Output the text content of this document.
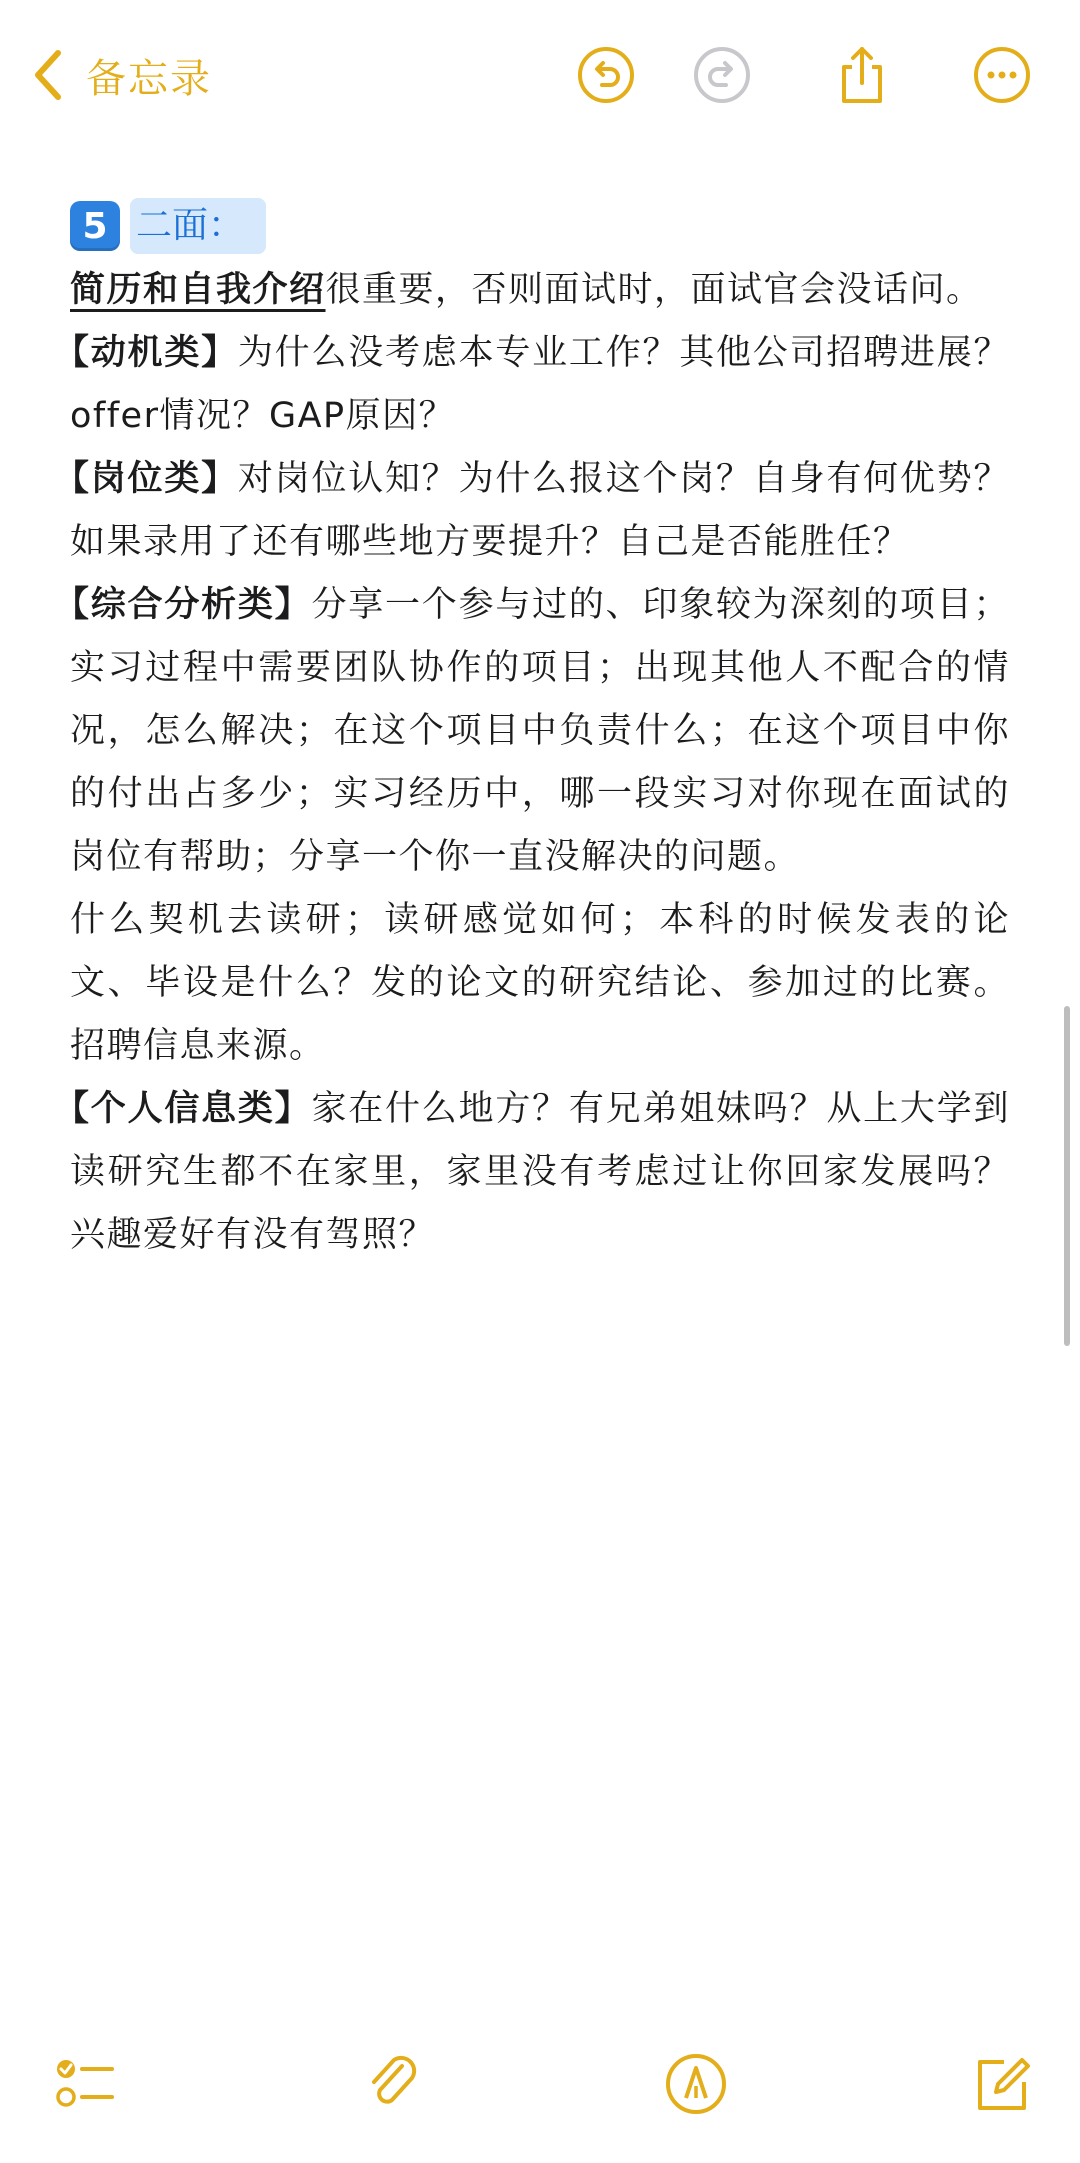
备忘录
5 二面：
简历和自我介绍很重要，否则面试时，面试官会没话问。
【动机类】为什么没考虑本专业工作？其他公司招聘进展？offer情况？GAP原因？
【岗位类】对岗位认知？为什么报这个岗？自身有何优势？如果录用了还有哪些地方要提升？自己是否能胜任？
【综合分析类】分享一个参与过的、印象较为深刻的项目；实习过程中需要团队协作的项目；出现其他人不配合的情况，怎么解决；在这个项目中负责什么；在这个项目中你的付出占多少；实习经历中，哪一段实习对你现在面试的岗位有帮助；分享一个你一直没解决的问题。
什么契机去读研；读研感觉如何；本科的时候发表的论文、毕设是什么？发的论文的研究结论、参加过的比赛。招聘信息来源。
【个人信息类】家在什么地方？有兄弟姐妹吗？从上大学到读研究生都不在家里，家里没有考虑过让你回家发展吗？兴趣爱好有没有驾照？
